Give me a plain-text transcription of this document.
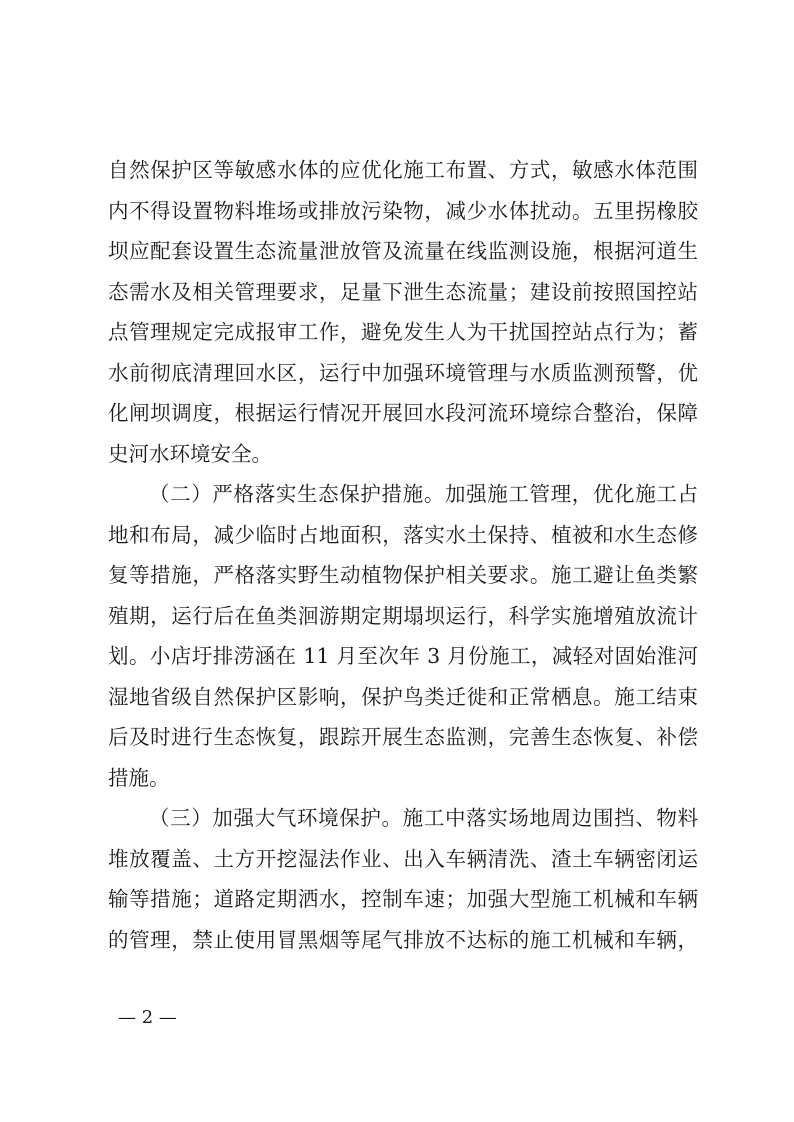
自然保护区等敏感水体的应优化施工布置、方式，敏感水体范围
内不得设置物料堆场或排放污染物，减少水体扰动。五里拐橡胶
坝应配套设置生态流量泄放管及流量在线监测设施，根据河道生
态需水及相关管理要求，足量下泄生态流量；建设前按照国控站
点管理规定完成报审工作，避免发生人为干扰国控站点行为；蓄
水前彻底清理回水区，运行中加强环境管理与水质监测预警，优
化闸坝调度，根据运行情况开展回水段河流环境综合整治，保障
史河水环境安全。
（二）严格落实生态保护措施。加强施工管理，优化施工占
地和布局，减少临时占地面积，落实水土保持、植被和水生态修
复等措施，严格落实野生动植物保护相关要求。施工避让鱼类繁
殖期，运行后在鱼类洄游期定期塌坝运行，科学实施增殖放流计
划。小店圩排涝涵在 11 月至次年 3 月份施工，减轻对固始淮河
湿地省级自然保护区影响，保护鸟类迁徙和正常栖息。施工结束
后及时进行生态恢复，跟踪开展生态监测，完善生态恢复、补偿
措施。
（三）加强大气环境保护。施工中落实场地周边围挡、物料
堆放覆盖、土方开挖湿法作业、出入车辆清洗、渣土车辆密闭运
输等措施；道路定期洒水，控制车速；加强大型施工机械和车辆
的管理，禁止使用冒黑烟等尾气排放不达标的施工机械和车辆，
— 2 —
